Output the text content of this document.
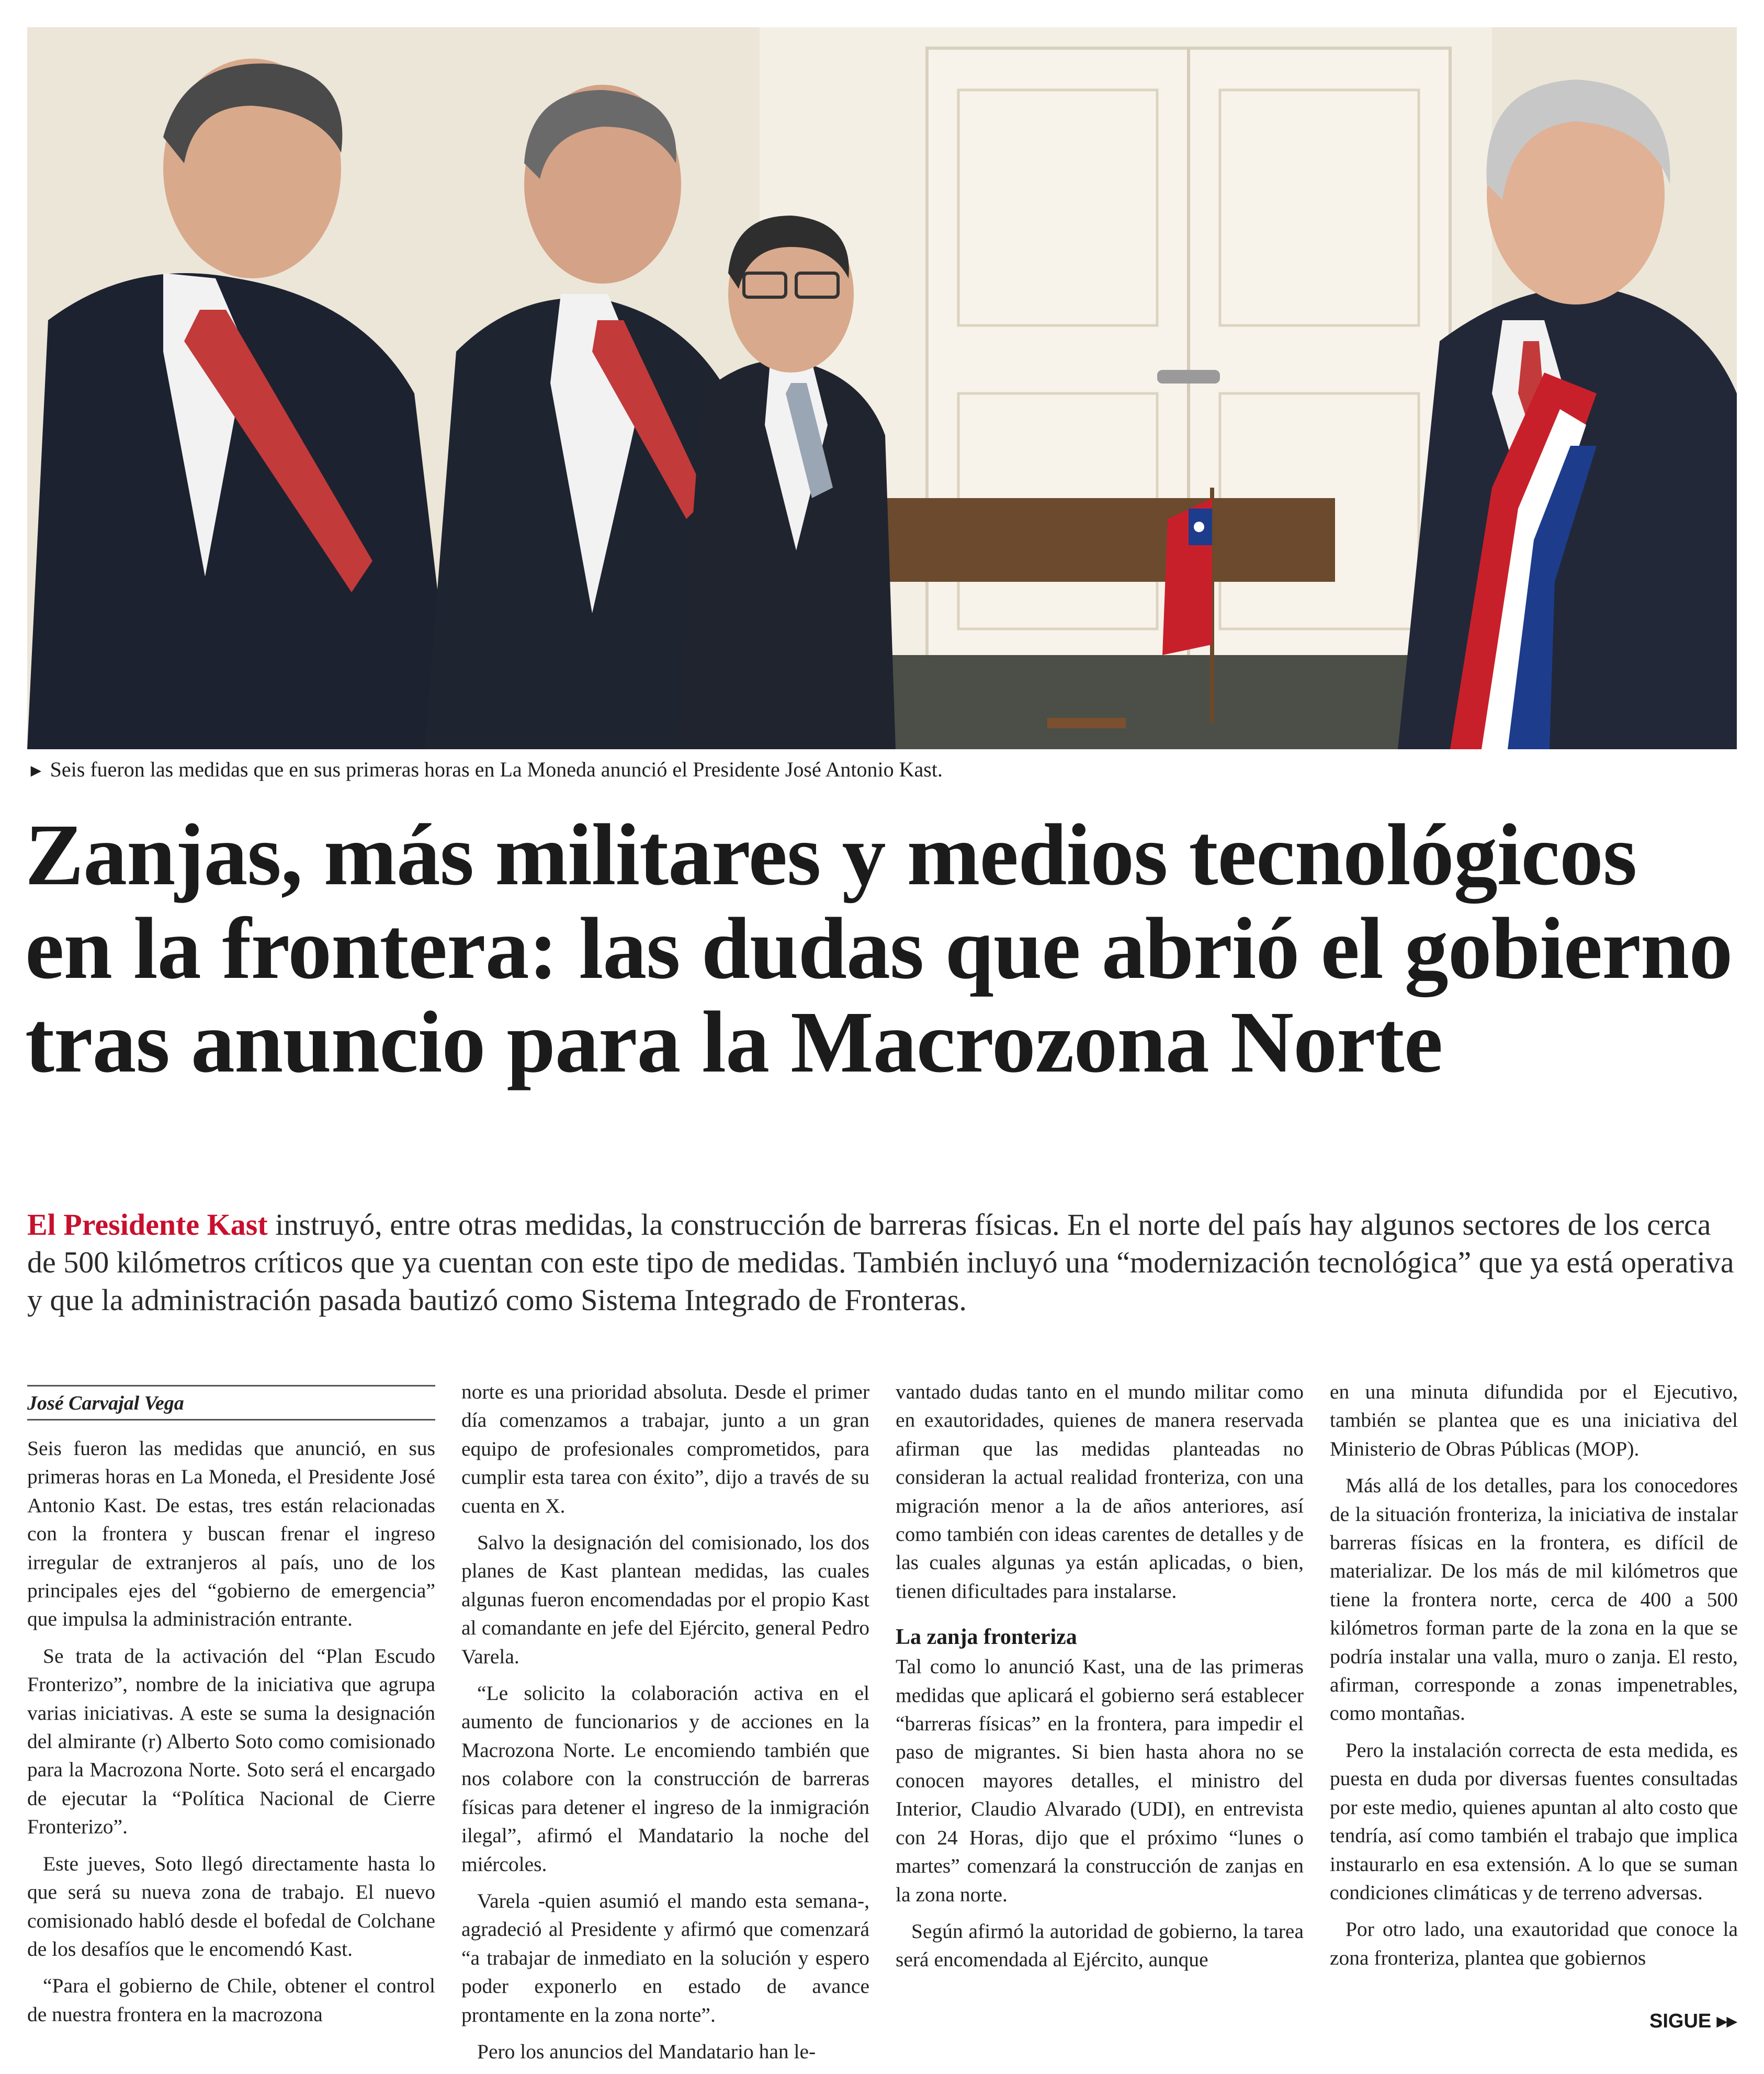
► Seis fueron las medidas que en sus primeras horas en La Moneda anunció el Presidente José Antonio Kast.
Zanjas, más militares y medios tecnológicos en la frontera: las dudas que abrió el gobierno tras anuncio para la Macrozona Norte

El Presidente Kast instruyó, entre otras medidas, la construcción de barreras físicas. En el norte del país hay algunos sectores de los cerca de 500 kilómetros críticos que ya cuentan con este tipo de medidas. También incluyó una “modernización tecnológica” que ya está operativa y que la administración pasada bautizó como Sistema Integrado de Fronteras.

José Carvajal Vega

Seis fueron las medidas que anunció, en sus primeras horas en La Moneda, el Presidente José Antonio Kast. De estas, tres están relacionadas con la frontera y buscan frenar el ingreso irregular de extranjeros al país, uno de los principales ejes del “gobierno de emergencia” que impulsa la administración entrante.

Se trata de la activación del “Plan Escudo Fronterizo”, nombre de la iniciativa que agrupa varias iniciativas. A este se suma la designación del almirante (r) Alberto Soto como comisionado para la Macrozona Norte. Soto será el encargado de ejecutar la “Política Nacional de Cierre Fronterizo”.

Este jueves, Soto llegó directamente hasta lo que será su nueva zona de trabajo. El nuevo comisionado habló desde el bofedal de Colchane de los desafíos que le encomendó Kast.

“Para el gobierno de Chile, obtener el control de nuestra frontera en la macrozona

norte es una prioridad absoluta. Desde el primer día comenzamos a trabajar, junto a un gran equipo de profesionales comprometidos, para cumplir esta tarea con éxito”, dijo a través de su cuenta en X.

Salvo la designación del comisionado, los dos planes de Kast plantean medidas, las cuales algunas fueron encomendadas por el propio Kast al comandante en jefe del Ejército, general Pedro Varela.

“Le solicito la colaboración activa en el aumento de funcionarios y de acciones en la Macrozona Norte. Le encomiendo también que nos colabore con la construcción de barreras físicas para detener el ingreso de la inmigración ilegal”, afirmó el Mandatario la noche del miércoles.

Varela -quien asumió el mando esta semana-, agradeció al Presidente y afirmó que comenzará “a trabajar de inmediato en la solución y espero poder exponerlo en estado de avance prontamente en la zona norte”.

Pero los anuncios del Mandatario han le-

vantado dudas tanto en el mundo militar como en exautoridades, quienes de manera reservada afirman que las medidas planteadas no consideran la actual realidad fronteriza, con una migración menor a la de años anteriores, así como también con ideas carentes de detalles y de las cuales algunas ya están aplicadas, o bien, tienen dificultades para instalarse.

La zanja fronteriza

Tal como lo anunció Kast, una de las primeras medidas que aplicará el gobierno será establecer “barreras físicas” en la frontera, para impedir el paso de migrantes. Si bien hasta ahora no se conocen mayores detalles, el ministro del Interior, Claudio Alvarado (UDI), en entrevista con 24 Horas, dijo que el próximo “lunes o martes” comenzará la construcción de zanjas en la zona norte.

Según afirmó la autoridad de gobierno, la tarea será encomendada al Ejército, aunque

en una minuta difundida por el Ejecutivo, también se plantea que es una iniciativa del Ministerio de Obras Públicas (MOP).

Más allá de los detalles, para los conocedores de la situación fronteriza, la iniciativa de instalar barreras físicas en la frontera, es difícil de materializar. De los más de mil kilómetros que tiene la frontera norte, cerca de 400 a 500 kilómetros forman parte de la zona en la que se podría instalar una valla, muro o zanja. El resto, afirman, corresponde a zonas impenetrables, como montañas.

Pero la instalación correcta de esta medida, es puesta en duda por diversas fuentes consultadas por este medio, quienes apuntan al alto costo que tendría, así como también el trabajo que implica instaurarlo en esa extensión. A lo que se suman condiciones climáticas y de terreno adversas.

Por otro lado, una exautoridad que conoce la zona fronteriza, plantea que gobiernos

SIGUE ▸▸
